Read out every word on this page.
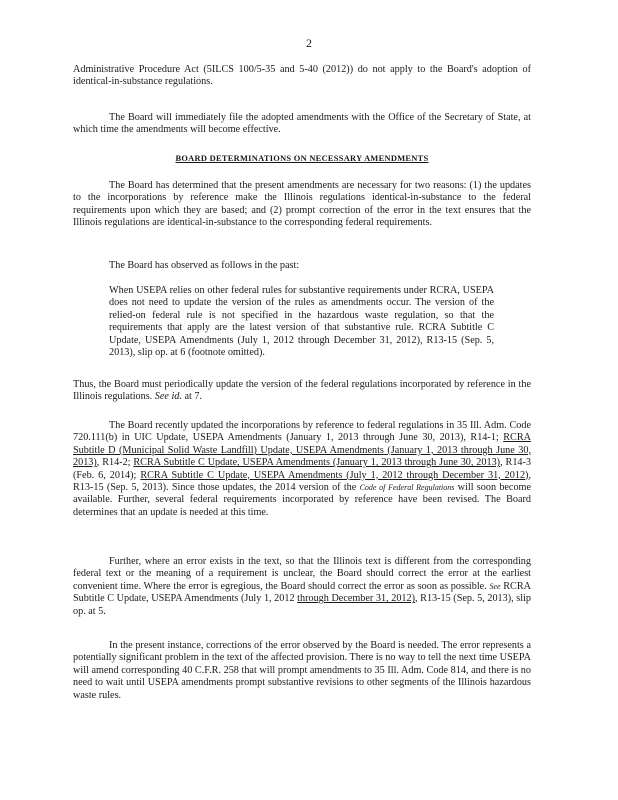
2

Administrative Procedure Act (5ILCS 100/5-35 and 5-40 (2012)) do not apply to the Board's adoption of identical-in-substance regulations.

The Board will immediately file the adopted amendments with the Office of the Secretary of State, at which time the amendments will become effective.

BOARD DETERMINATIONS ON NECESSARY AMENDMENTS

The Board has determined that the present amendments are necessary for two reasons: (1) the updates to the incorporations by reference make the Illinois regulations identical-in-substance to the federal requirements upon which they are based; and (2) prompt correction of the error in the text ensures that the Illinois regulations are identical-in-substance to the corresponding federal requirements.

The Board has observed as follows in the past:

When USEPA relies on other federal rules for substantive requirements under RCRA, USEPA does not need to update the version of the rules as amendments occur. The version of the relied-on federal rule is not specified in the hazardous waste regulation, so that the requirements that apply are the latest version of that substantive rule. RCRA Subtitle C Update, USEPA Amendments (July 1, 2012 through December 31, 2012), R13-15 (Sep. 5, 2013), slip op. at 6 (footnote omitted).

Thus, the Board must periodically update the version of the federal regulations incorporated by reference in the Illinois regulations. See id. at 7.

The Board recently updated the incorporations by reference to federal regulations in 35 Ill. Adm. Code 720.111(b) in UIC Update, USEPA Amendments (January 1, 2013 through June 30, 2013), R14-1; RCRA Subtitle D (Municipal Solid Waste Landfill) Update, USEPA Amendments (January 1, 2013 through June 30, 2013), R14-2; RCRA Subtitle C Update, USEPA Amendments (January 1, 2013 through June 30, 2013), R14-3 (Feb. 6, 2014); RCRA Subtitle C Update, USEPA Amendments (July 1, 2012 through December 31, 2012), R13-15 (Sep. 5, 2013). Since those updates, the 2014 version of the Code of Federal Regulations will soon become available. Further, several federal requirements incorporated by reference have been revised. The Board determines that an update is needed at this time.

Further, where an error exists in the text, so that the Illinois text is different from the corresponding federal text or the meaning of a requirement is unclear, the Board should correct the error at the earliest convenient time. Where the error is egregious, the Board should correct the error as soon as possible. See RCRA Subtitle C Update, USEPA Amendments (July 1, 2012 through December 31, 2012), R13-15 (Sep. 5, 2013), slip op. at 5.

In the present instance, corrections of the error observed by the Board is needed. The error represents a potentially significant problem in the text of the affected provision. There is no way to tell the next time USEPA will amend corresponding 40 C.F.R. 258 that will prompt amendments to 35 Ill. Adm. Code 814, and there is no need to wait until USEPA amendments prompt substantive revisions to other segments of the Illinois hazardous waste rules.
